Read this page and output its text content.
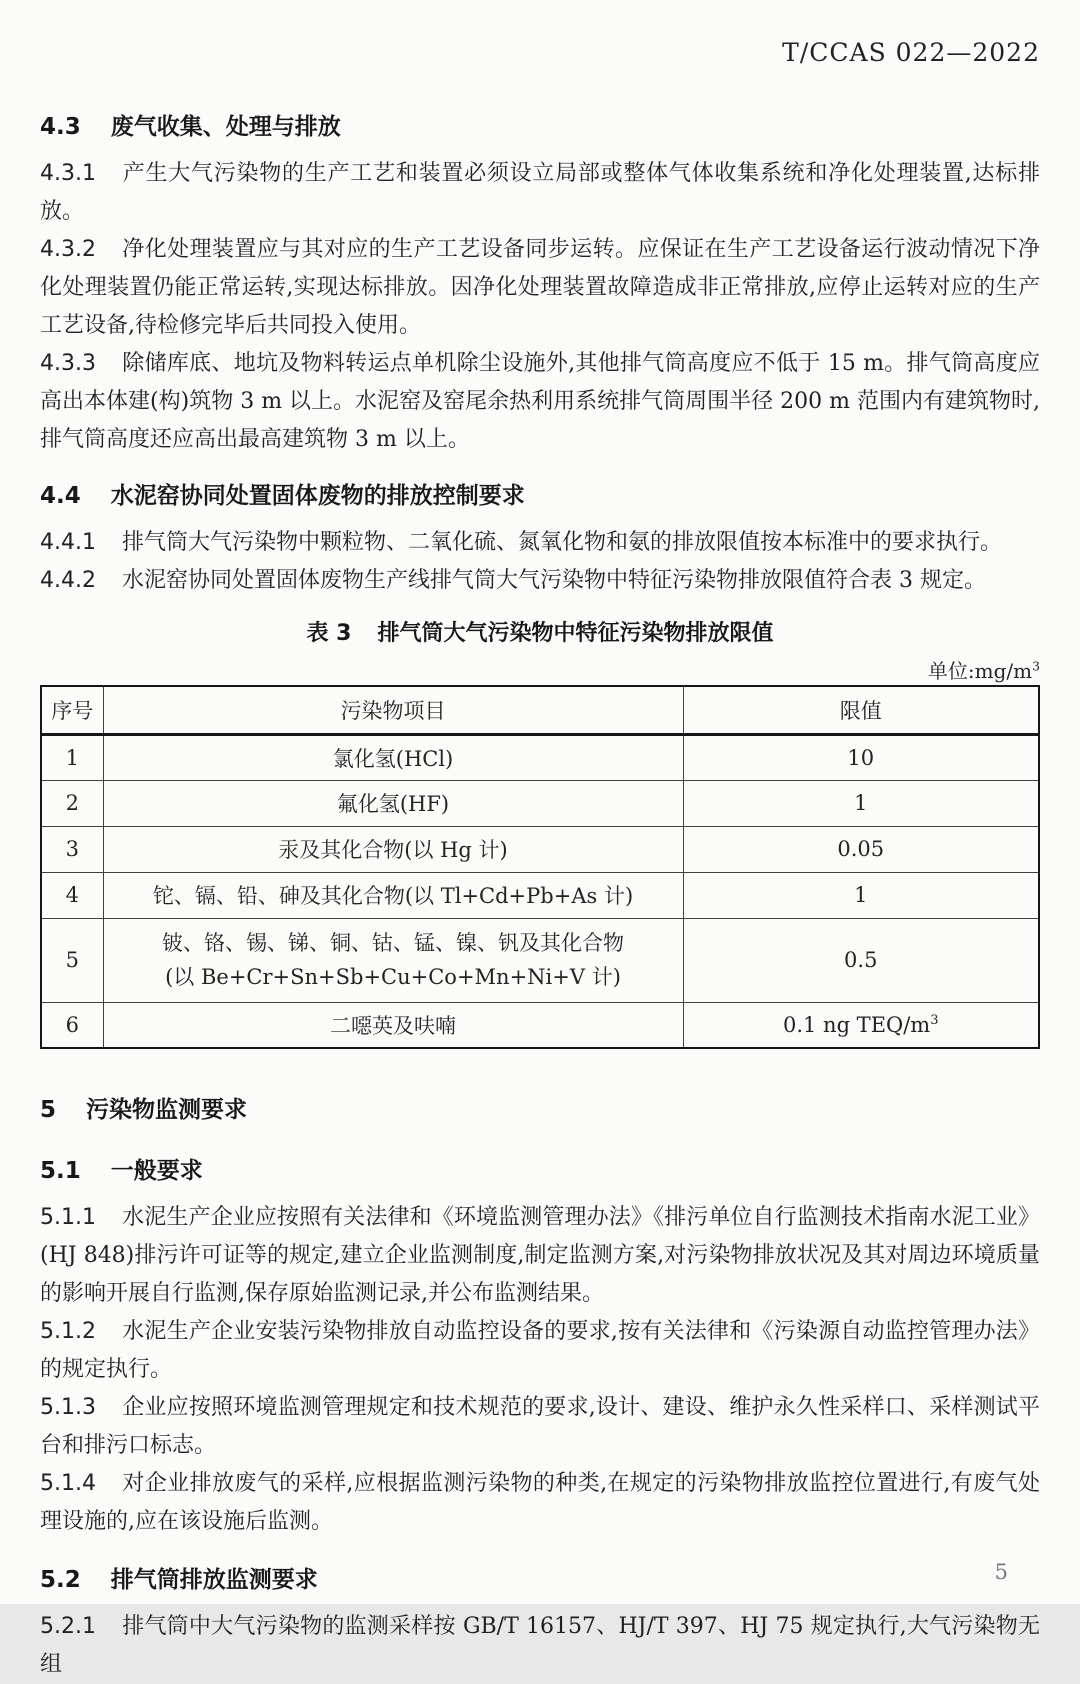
T/CCAS 022—2022
4.3 废气收集、处理与排放

4.3.1 产生大气污染物的生产工艺和装置必须设立局部或整体气体收集系统和净化处理装置,达标排放。

4.3.2 净化处理装置应与其对应的生产工艺设备同步运转。应保证在生产工艺设备运行波动情况下净化处理装置仍能正常运转,实现达标排放。因净化处理装置故障造成非正常排放,应停止运转对应的生产工艺设备,待检修完毕后共同投入使用。

4.3.3 除储库底、地坑及物料转运点单机除尘设施外,其他排气筒高度应不低于 15 m。排气筒高度应高出本体建(构)筑物 3 m 以上。水泥窑及窑尾余热利用系统排气筒周围半径 200 m 范围内有建筑物时,排气筒高度还应高出最高建筑物 3 m 以上。

4.4 水泥窑协同处置固体废物的排放控制要求

4.4.1 排气筒大气污染物中颗粒物、二氧化硫、氮氧化物和氨的排放限值按本标准中的要求执行。

4.4.2 水泥窑协同处置固体废物生产线排气筒大气污染物中特征污染物排放限值符合表 3 规定。

表 3 排气筒大气污染物中特征污染物排放限值
单位$:mg/m^3$
序号	污染物项目	限值
1	氯化氢(HCl)	10
2	氟化氢(HF)	1
3	汞及其化合物(以 Hg 计)	0.05
4	铊、镉、铅、砷及其化合物(以 Tl+Cd+Pb+As 计)	1
5	铍、铬、锡、锑、铜、钴、锰、镍、钒及其化合物
(以 Be+Cr+Sn+Sb+Cu+Co+Mn+Ni+V 计)	0.5
6	二噁英及呋喃	0.1 ng TEQ/$m^3$
5 污染物监测要求
5.1 一般要求

5.1.1 水泥生产企业应按照有关法律和《环境监测管理办法》《排污单位自行监测技术指南水泥工业》(HJ 848)排污许可证等的规定,建立企业监测制度,制定监测方案,对污染物排放状况及其对周边环境质量的影响开展自行监测,保存原始监测记录,并公布监测结果。

5.1.2 水泥生产企业安装污染物排放自动监控设备的要求,按有关法律和《污染源自动监控管理办法》的规定执行。

5.1.3 企业应按照环境监测管理规定和技术规范的要求,设计、建设、维护永久性采样口、采样测试平台和排污口标志。

5.1.4 对企业排放废气的采样,应根据监测污染物的种类,在规定的污染物排放监控位置进行,有废气处理设施的,应在该设施后监测。

5.2 排气筒排放监测要求

5.2.1 排气筒中大气污染物的监测采样按 GB/T 16157、HJ/T 397、HJ 75 规定执行,大气污染物无组

5
